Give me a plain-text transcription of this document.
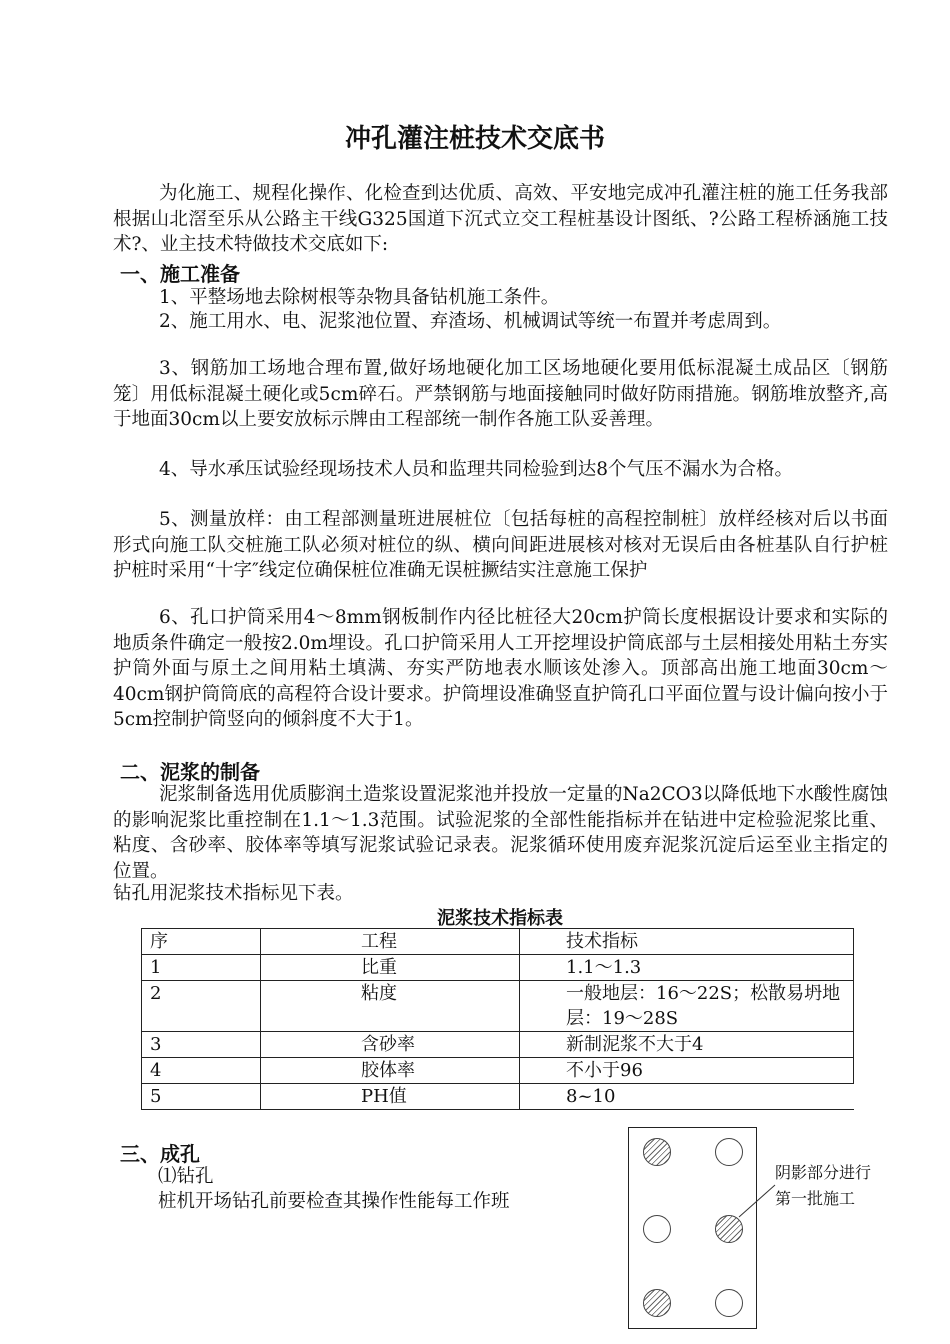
冲孔灌注桩技术交底书

为化施工、规程化操作、化检查到达优质、高效、平安地完成冲孔灌注桩的施工任务我部根据山北滘至乐从公路主干线G325国道下沉式立交工程桩基设计图纸、?公路工程桥涵施工技术?、业主技术特做技术交底如下:

一、施工准备

1、平整场地去除树根等杂物具备钻机施工条件。

2、施工用水、电、泥浆池位置、弃渣场、机械调试等统一布置并考虑周到。

3、钢筋加工场地合理布置,做好场地硬化加工区场地硬化要用低标混凝土成品区〔钢筋笼〕用低标混凝土硬化或5cm碎石。严禁钢筋与地面接触同时做好防雨措施。钢筋堆放整齐,高于地面30cm以上要安放标示牌由工程部统一制作各施工队妥善理。

4、导水承压试验经现场技术人员和监理共同检验到达8个气压不漏水为合格。

5、测量放样：由工程部测量班进展桩位〔包括每桩的高程控制桩〕放样经核对后以书面形式向施工队交桩施工队必须对桩位的纵、横向间距进展核对核对无误后由各桩基队自行护桩护桩时采用“十字″线定位确保桩位准确无误桩撅结实注意施工保护

6、孔口护筒采用4～8mm钢板制作内径比桩径大20cm护筒长度根据设计要求和实际的地质条件确定一般按2.0m埋设。孔口护筒采用人工开挖埋设护筒底部与土层相接处用粘土夯实护筒外面与原土之间用粘土填满、夯实严防地表水顺该处渗入。顶部高出施工地面30cm～40cm钢护筒筒底的高程符合设计要求。护筒埋设准确竖直护筒孔口平面位置与设计偏向按小于5cm控制护筒竖向的倾斜度不大于1。

二、泥浆的制备

泥浆制备选用优质膨润土造浆设置泥浆池并投放一定量的Na2CO3以降低地下水酸性腐蚀的影响泥浆比重控制在1.1～1.3范围。试验泥浆的全部性能指标并在钻进中定检验泥浆比重、粘度、含砂率、胶体率等填写泥浆试验记录表。泥浆循环使用废弃泥浆沉淀后运至业主指定的位置。

钻孔用泥浆技术指标见下表。

泥浆技术指标表
序	工程	技术指标
1	比重	1.1～1.3
2	粘度	一般地层：16～22S；松散易坍地层：19～28S
3	含砂率	新制泥浆不大于4
4	胶体率	不小于96
5	PH值	8~10
三、成孔
⑴钻孔
桩机开场钻孔前要检查其操作性能每工作班
阴影部分进行
第一批施工
